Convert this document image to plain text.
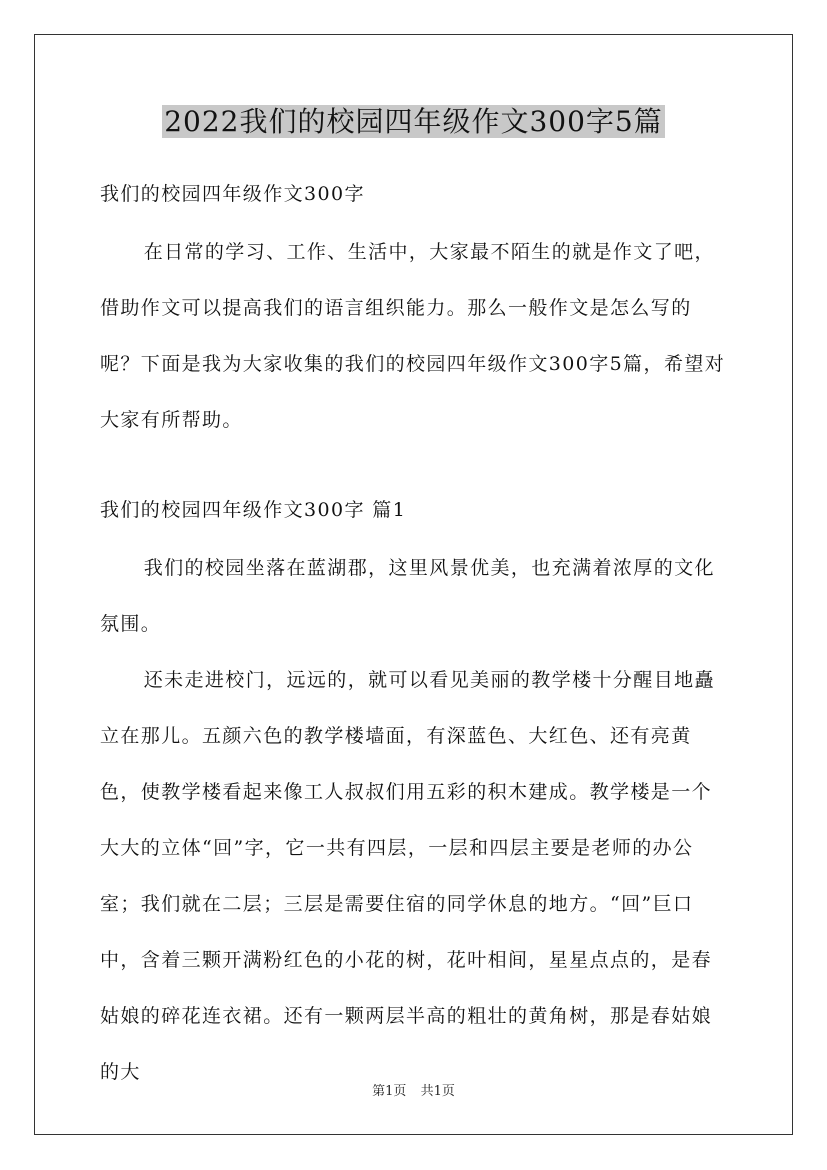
2022我们的校园四年级作文300字5篇

我们的校园四年级作文300字

在日常的学习、工作、生活中，大家最不陌生的就是作文了吧，借助作文可以提高我们的语言组织能力。那么一般作文是怎么写的呢？下面是我为大家收集的我们的校园四年级作文300字5篇，希望对大家有所帮助。

我们的校园四年级作文300字 篇1

我们的校园坐落在蓝湖郡，这里风景优美，也充满着浓厚的文化氛围。

还未走进校门，远远的，就可以看见美丽的教学楼十分醒目地矗立在那儿。五颜六色的教学楼墙面，有深蓝色、大红色、还有亮黄色，使教学楼看起来像工人叔叔们用五彩的积木建成。教学楼是一个大大的立体“回”字，它一共有四层，一层和四层主要是老师的办公室；我们就在二层；三层是需要住宿的同学休息的地方。“回”巨口中，含着三颗开满粉红色的小花的树，花叶相间，星星点点的，是春姑娘的碎花连衣裙。还有一颗两层半高的粗壮的黄角树，那是春姑娘的大

第1页 共1页
